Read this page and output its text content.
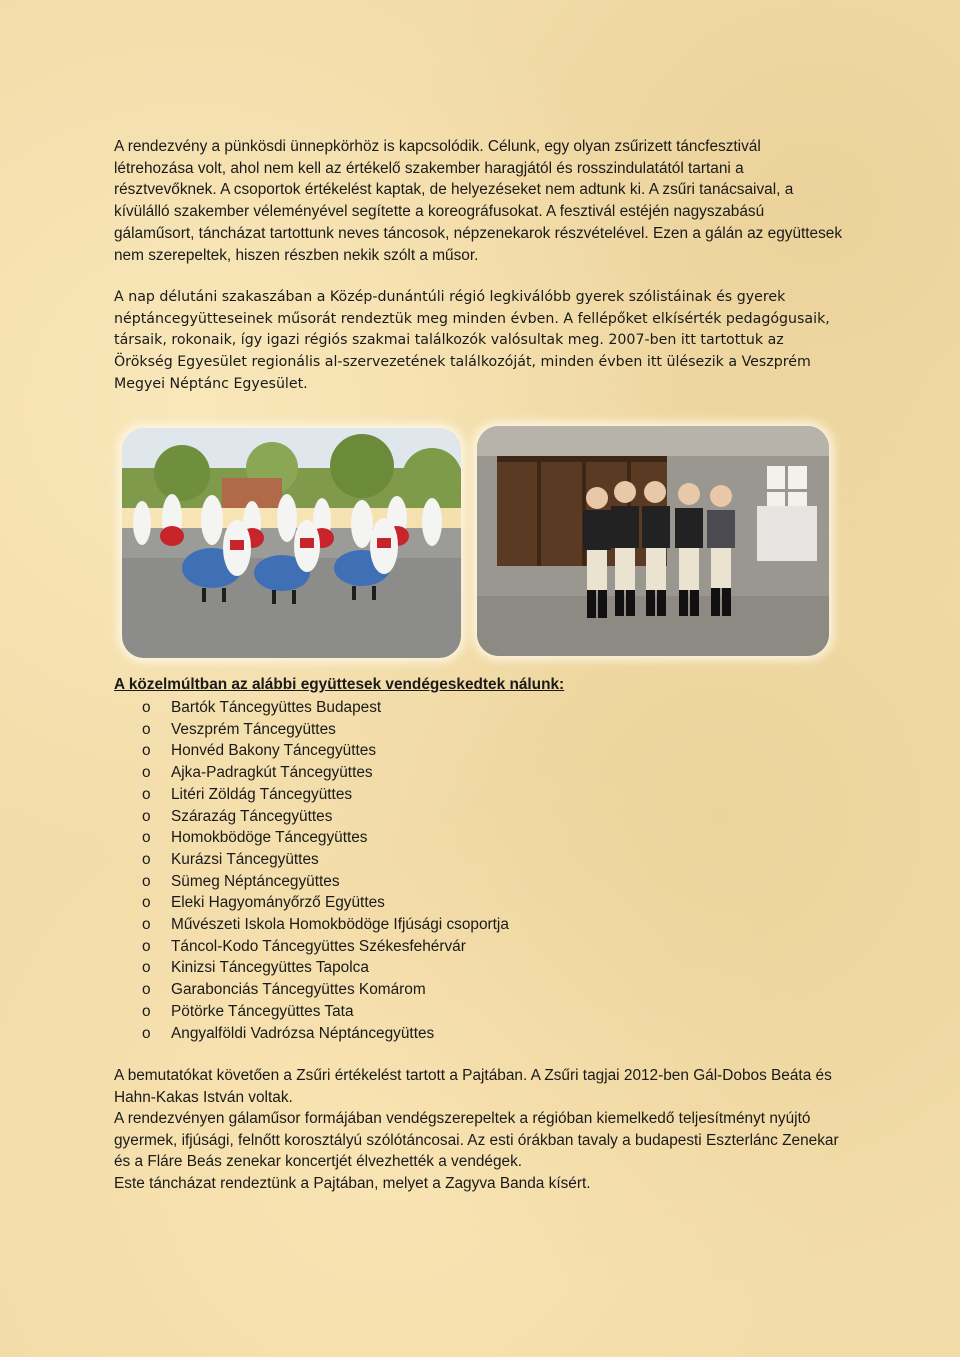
A rendezvény a pünkösdi ünnepkörhöz is kapcsolódik. Célunk, egy olyan zsűrizett táncfesztivál létrehozása volt, ahol nem kell az értékelő szakember haragjától és rosszindulatától tartani a résztvevőknek. A csoportok értékelést kaptak, de helyezéseket nem adtunk ki. A zsűri tanácsaival, a kívülálló szakember véleményével segítette a koreográfusokat. A fesztivál estéjén nagyszabású gálaműsort, táncházat tartottunk neves táncosok, népzenekarok részvételével. Ezen a gálán az együttesek nem szerepeltek, hiszen részben nekik szólt a műsor.

A nap délutáni szakaszában a Közép-dunántúli régió legkiválóbb gyerek szólistáinak és gyerek néptáncegyütteseinek műsorát rendeztük meg minden évben. A fellépőket elkísérték pedagógusaik, társaik, rokonaik, így igazi régiós szakmai találkozók valósultak meg. 2007-ben itt tartottuk az Örökség Egyesület regionális al-szervezetének találkozóját, minden évben itt ülésezik a Veszprém Megyei Néptánc Egyesület.

A közelmúltban az alábbi együttesek vendégeskedtek nálunk:

o Bartók Táncegyüttes Budapest
o Veszprém Táncegyüttes
o Honvéd Bakony Táncegyüttes
o Ajka-Padragkút Táncegyüttes
o Litéri Zöldág Táncegyüttes
o Szárazág Táncegyüttes
o Homokbödöge Táncegyüttes
o Kurázsi Táncegyüttes
o Sümeg Néptáncegyüttes
o Eleki Hagyományőrző Együttes
o Művészeti Iskola Homokbödöge Ifjúsági csoportja
o Táncol-Kodo Táncegyüttes Székesfehérvár
o Kinizsi Táncegyüttes Tapolca
o Garabonciás Táncegyüttes Komárom
o Pötörke Táncegyüttes Tata
o Angyalföldi Vadrózsa Néptáncegyüttes

A bemutatókat követően a Zsűri értékelést tartott a Pajtában. A Zsűri tagjai 2012-ben Gál-Dobos Beáta és Hahn-Kakas István voltak.

A rendezvényen gálaműsor formájában vendégszerepeltek a régióban kiemelkedő teljesítményt nyújtó gyermek, ifjúsági, felnőtt korosztályú szólótáncosai. Az esti órákban tavaly a budapesti Eszterlánc Zenekar és a Fláre Beás zenekar koncertjét élvezhették a vendégek.
Este táncházat rendeztünk a Pajtában, melyet a Zagyva Banda kísért.
